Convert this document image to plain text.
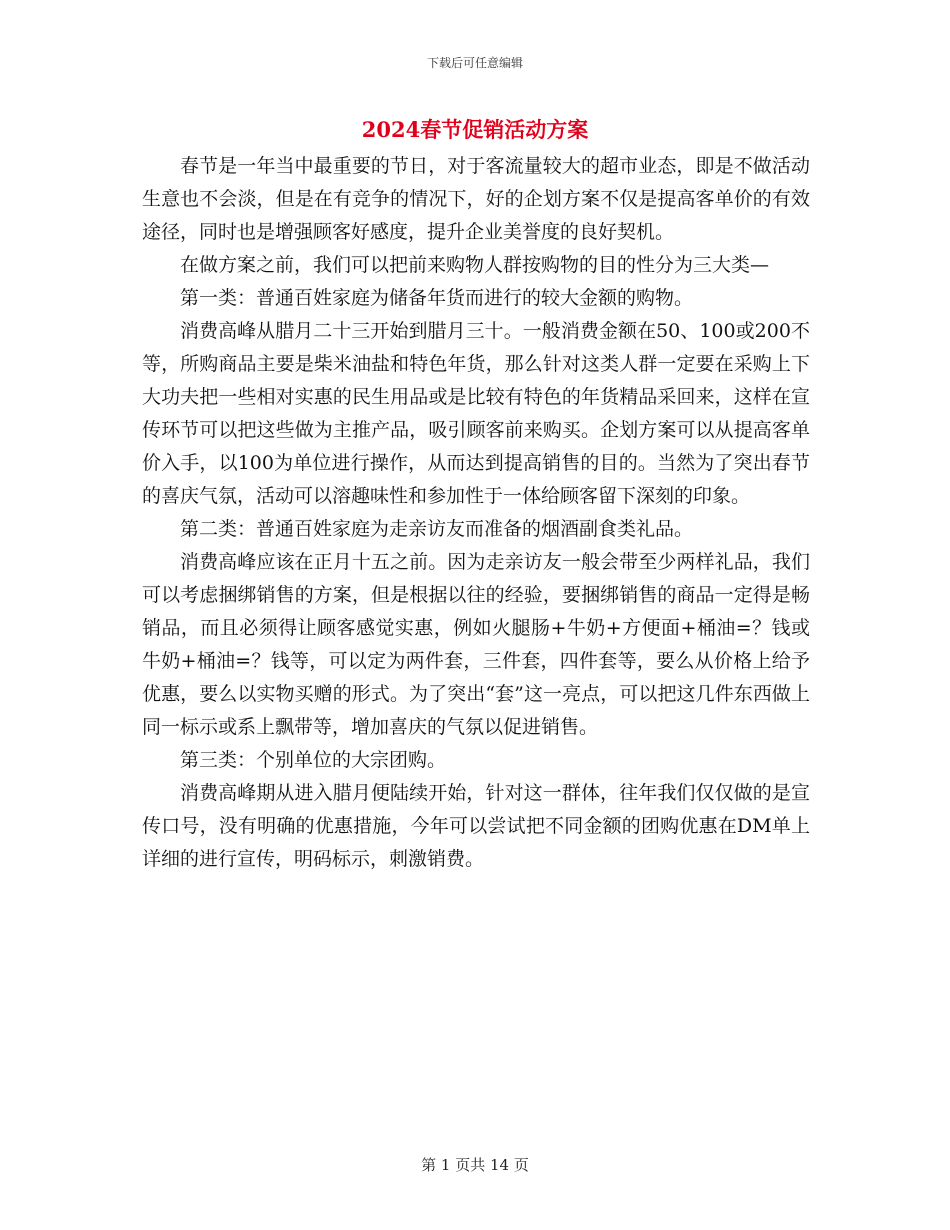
下载后可任意编辑
2024春节促销活动方案

春节是一年当中最重要的节日，对于客流量较大的超市业态，即是不做活动生意也不会淡，但是在有竞争的情况下，好的企划方案不仅是提高客单价的有效途径，同时也是增强顾客好感度，提升企业美誉度的良好契机。

在做方案之前，我们可以把前来购物人群按购物的目的性分为三大类—

第一类：普通百姓家庭为储备年货而进行的较大金额的购物。

消费高峰从腊月二十三开始到腊月三十。一般消费金额在50、100或200不等，所购商品主要是柴米油盐和特色年货，那么针对这类人群一定要在采购上下大功夫把一些相对实惠的民生用品或是比较有特色的年货精品采回来，这样在宣传环节可以把这些做为主推产品，吸引顾客前来购买。企划方案可以从提高客单价入手，以100为单位进行操作，从而达到提高销售的目的。当然为了突出春节的喜庆气氛，活动可以溶趣味性和参加性于一体给顾客留下深刻的印象。

第二类：普通百姓家庭为走亲访友而准备的烟酒副食类礼品。

消费高峰应该在正月十五之前。因为走亲访友一般会带至少两样礼品，我们可以考虑捆绑销售的方案，但是根据以往的经验，要捆绑销售的商品一定得是畅销品，而且必须得让顾客感觉实惠，例如火腿肠+牛奶+方便面+桶油=？钱或牛奶+桶油=？钱等，可以定为两件套，三件套，四件套等，要么从价格上给予优惠，要么以实物买赠的形式。为了突出“套”这一亮点，可以把这几件东西做上同一标示或系上飘带等，增加喜庆的气氛以促进销售。

第三类：个别单位的大宗团购。

消费高峰期从进入腊月便陆续开始，针对这一群体，往年我们仅仅做的是宣传口号，没有明确的优惠措施，今年可以尝试把不同金额的团购优惠在DM单上详细的进行宣传，明码标示，刺激销费。

第 1 页共 14 页
